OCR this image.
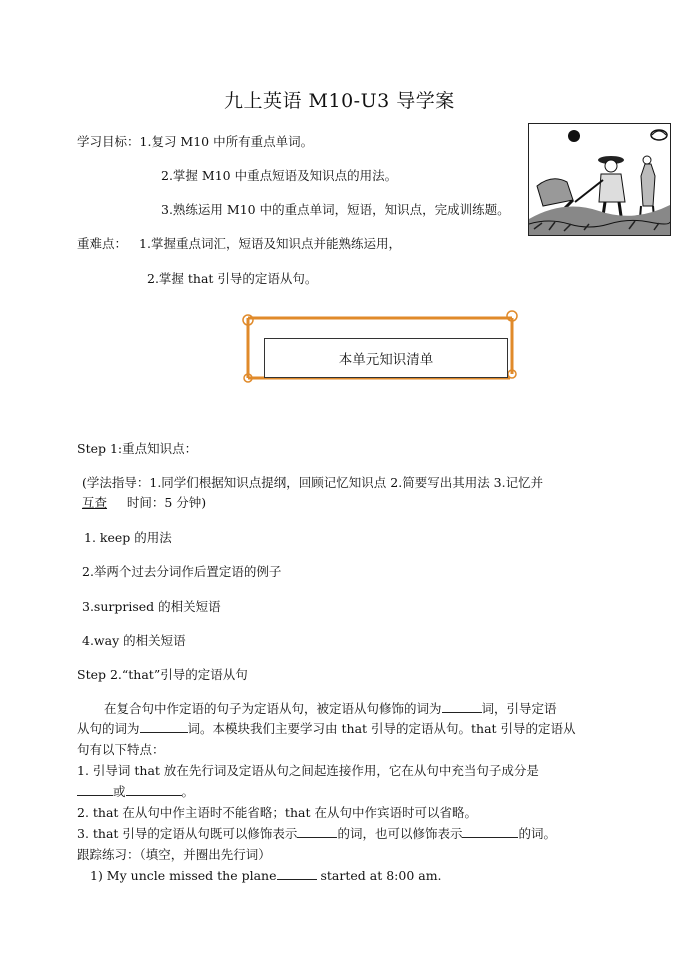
九上英语 M10-U3 导学案
学习目标：1.复习 M10 中所有重点单词。
2.掌握 M10 中重点短语及知识点的用法。
3.熟练运用 M10 中的重点单词，短语，知识点，完成训练题。
重难点： 1.掌握重点词汇，短语及知识点并能熟练运用，
2.掌握 that 引导的定语从句。
本单元知识清单
Step 1:重点知识点：
(学法指导：1.同学们根据知识点提纲，回顾记忆知识点 2.简要写出其用法 3.记忆并
互查     时间：5 分钟)
1. keep 的用法
2.举两个过去分词作后置定语的例子
3.surprised 的相关短语
4.way 的相关短语
Step 2.“that”引导的定语从句
在复合句中作定语的句子为定语从句，被定语从句修饰的词为	词，引导定语
从句的词为	词。本模块我们主要学习由 that 引导的定语从句。that 引导的定语从
句有以下特点：
1. 引导词 that 放在先行词及定语从句之间起连接作用，它在从句中充当句子成分是
或	。
2. that 在从句中作主语时不能省略；that 在从句中作宾语时可以省略。
3. that 引导的定语从句既可以修饰表示	的词，也可以修饰表示	的词。
跟踪练习：（填空，并圈出先行词）
1) My uncle missed the plane	started at 8:00 am.
